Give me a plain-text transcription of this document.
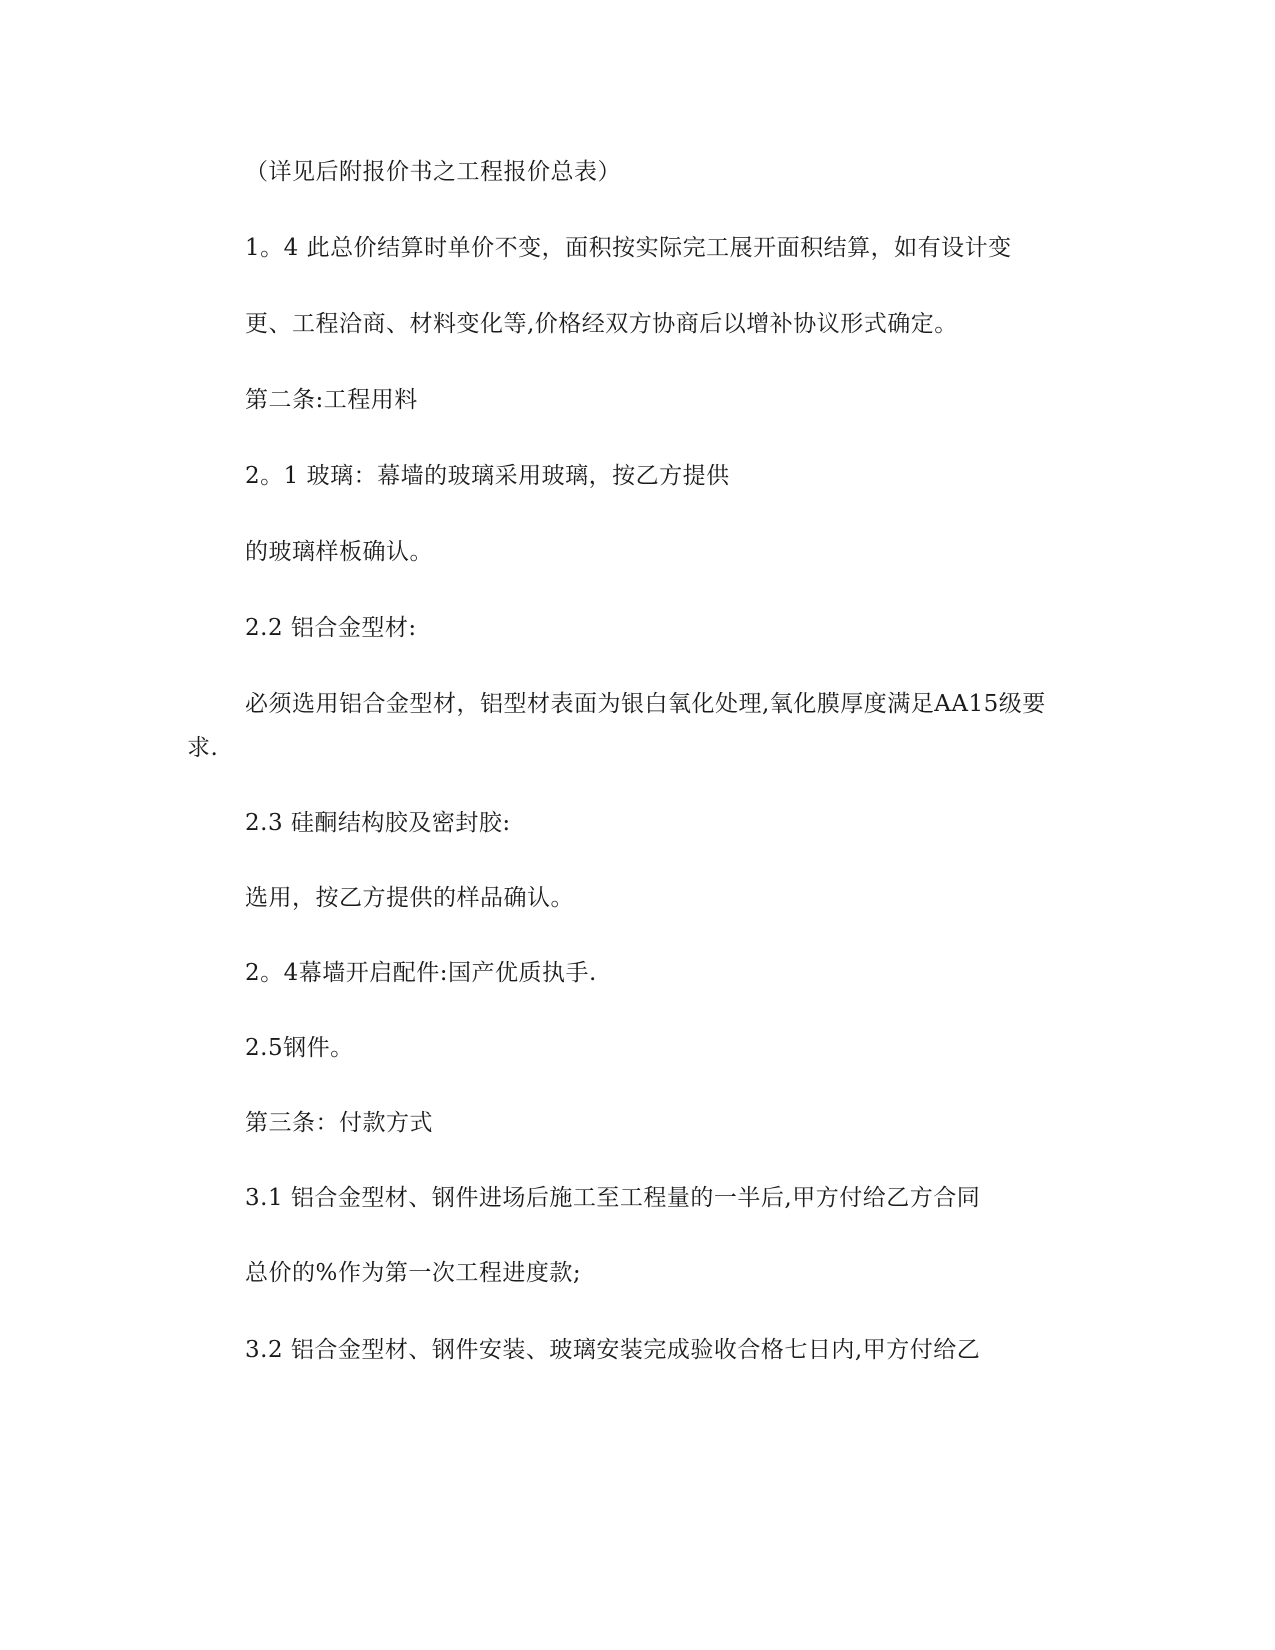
（详见后附报价书之工程报价总表）
1。4 此总价结算时单价不变，面积按实际完工展开面积结算，如有设计变
更、工程洽商、材料变化等,价格经双方协商后以增补协议形式确定。
第二条:工程用料
2。1 玻璃：幕墙的玻璃采用玻璃，按乙方提供
的玻璃样板确认。
2.2 铝合金型材:
必须选用铝合金型材，铝型材表面为银白氧化处理,氧化膜厚度满足AA15级要
求.
2.3 硅酮结构胶及密封胶:
选用，按乙方提供的样品确认。
2。4幕墙开启配件:国产优质执手.
2.5钢件。
第三条：付款方式
3.1 铝合金型材、钢件进场后施工至工程量的一半后,甲方付给乙方合同
总价的%作为第一次工程进度款;
3.2 铝合金型材、钢件安装、玻璃安装完成验收合格七日内,甲方付给乙
